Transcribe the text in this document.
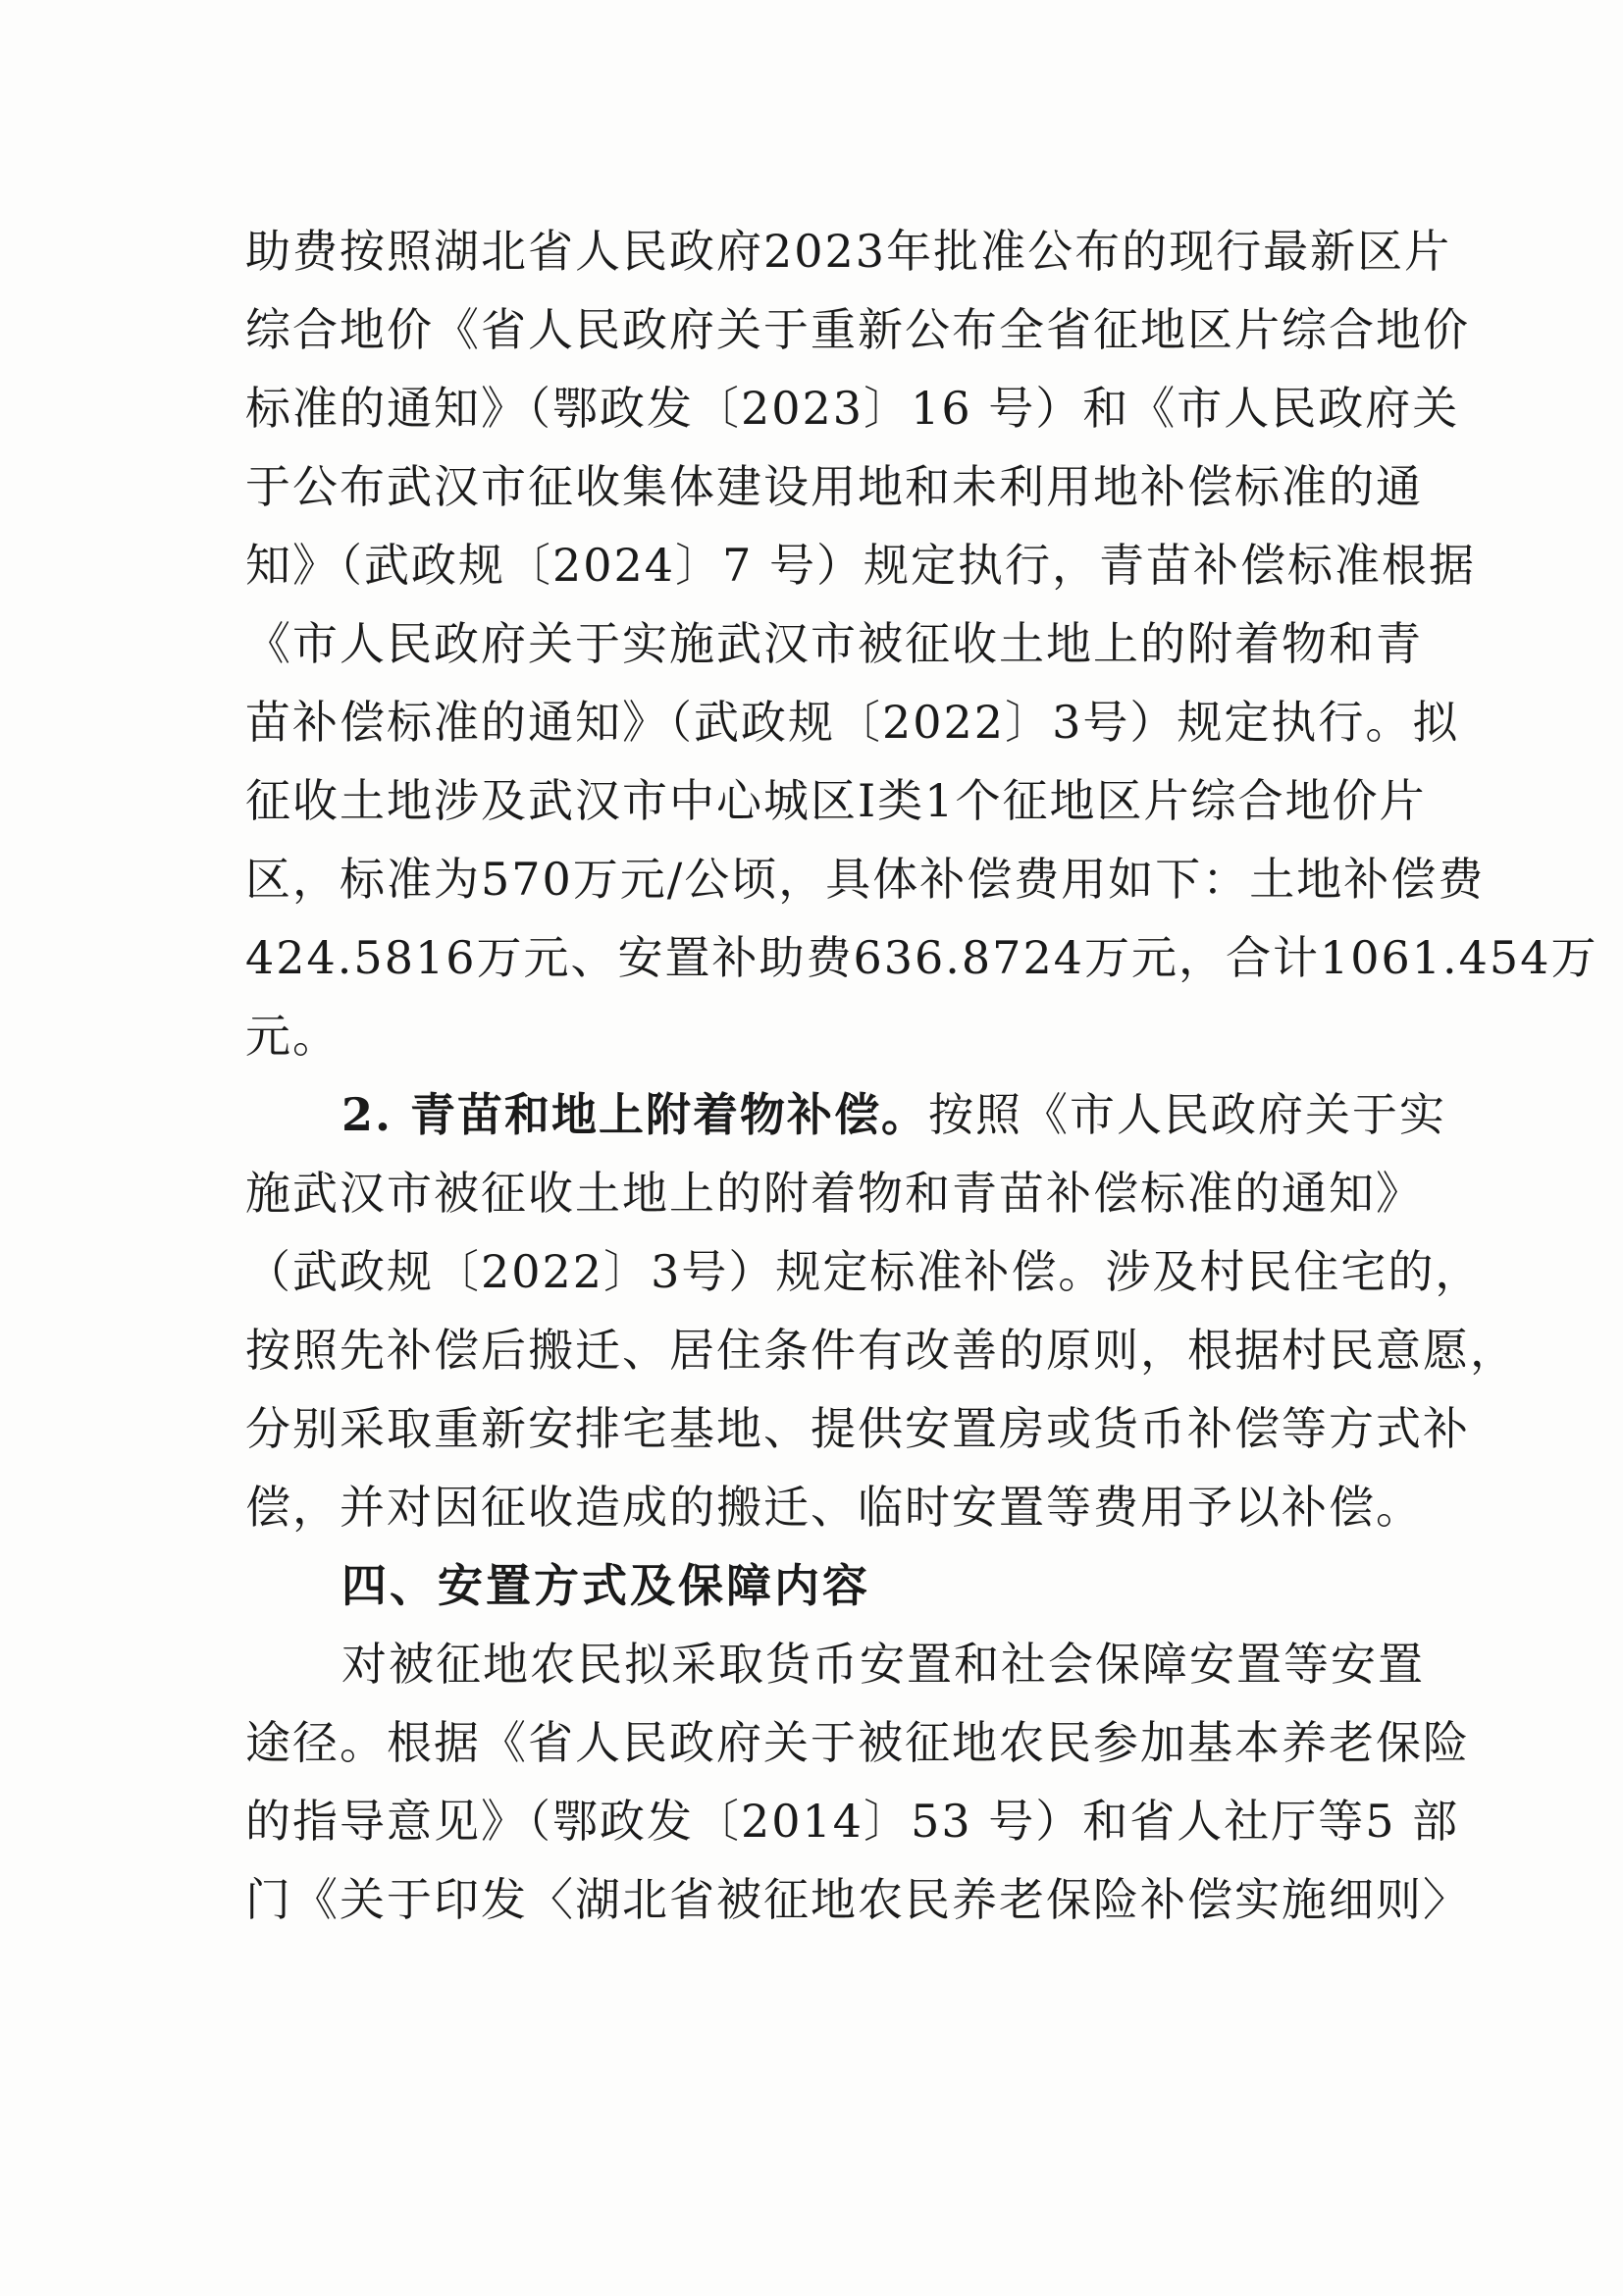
助费按照湖北省人民政府2023年批准公布的现行最新区片
综合地价《省人民政府关于重新公布全省征地区片综合地价
标准的通知》（鄂政发〔2023〕16 号）和《市人民政府关
于公布武汉市征收集体建设用地和未利用地补偿标准的通
知》（武政规〔2024〕7 号）规定执行，青苗补偿标准根据
《市人民政府关于实施武汉市被征收土地上的附着物和青
苗补偿标准的通知》（武政规〔2022〕3号）规定执行。拟
征收土地涉及武汉市中心城区I类1个征地区片综合地价片
区，标准为570万元/公顷，具体补偿费用如下：土地补偿费
424.5816万元、安置补助费636.8724万元，合计1061.454万
元。
2. 青苗和地上附着物补偿。按照《市人民政府关于实
施武汉市被征收土地上的附着物和青苗补偿标准的通知》
（武政规〔2022〕3号）规定标准补偿。涉及村民住宅的，
按照先补偿后搬迁、居住条件有改善的原则，根据村民意愿，
分别采取重新安排宅基地、提供安置房或货币补偿等方式补
偿，并对因征收造成的搬迁、临时安置等费用予以补偿。
四、安置方式及保障内容
对被征地农民拟采取货币安置和社会保障安置等安置
途径。根据《省人民政府关于被征地农民参加基本养老保险
的指导意见》（鄂政发〔2014〕53 号）和省人社厅等5 部
门《关于印发〈湖北省被征地农民养老保险补偿实施细则〉
